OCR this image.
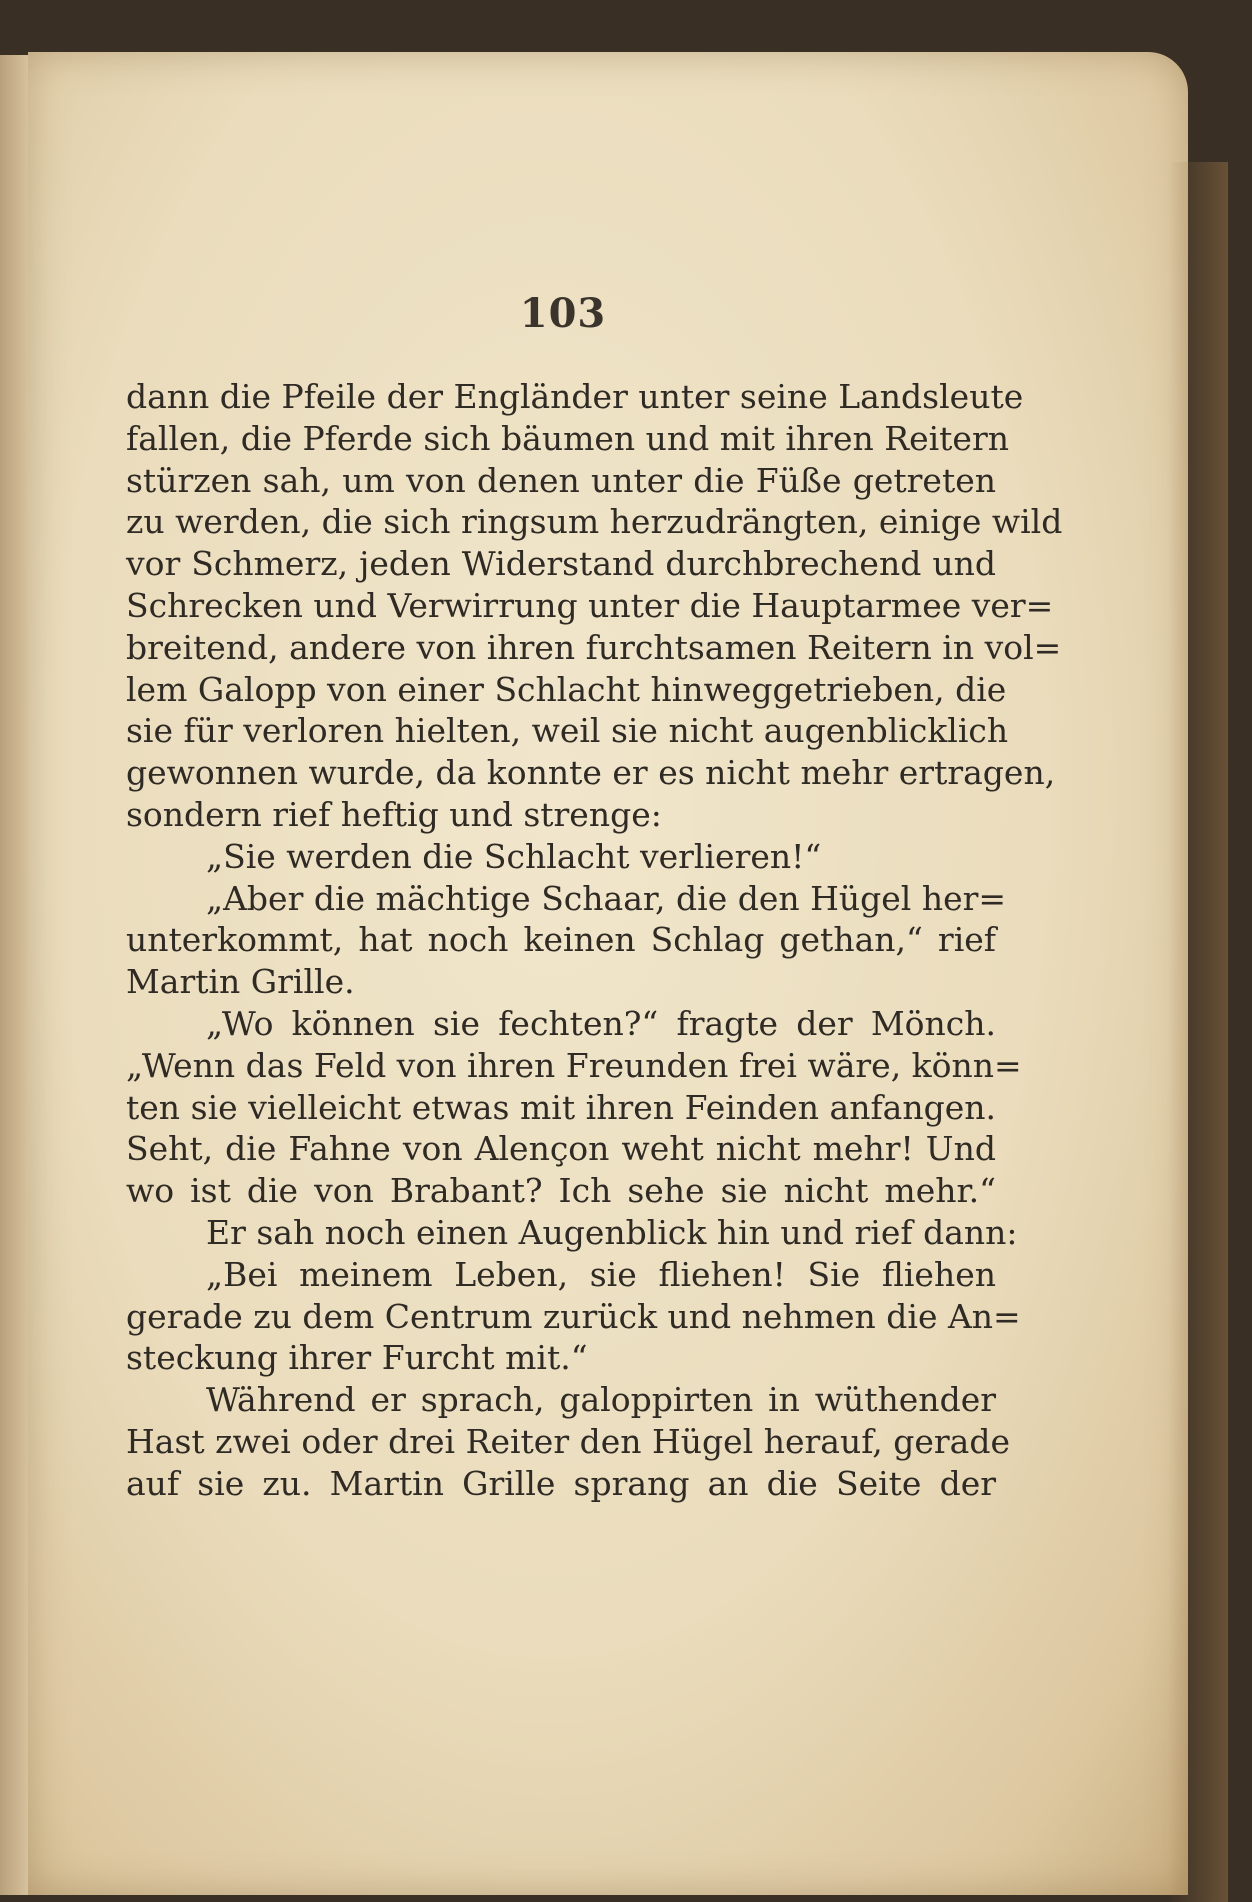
103
dann die Pfeile der Engländer unter seine Landsleute
fallen, die Pferde sich bäumen und mit ihren Reitern
stürzen sah, um von denen unter die Füße getreten
zu werden, die sich ringsum herzudrängten, einige wild
vor Schmerz, jeden Widerstand durchbrechend und
Schrecken und Verwirrung unter die Hauptarmee ver=
breitend, andere von ihren furchtsamen Reitern in vol=
lem Galopp von einer Schlacht hinweggetrieben, die
sie für verloren hielten, weil sie nicht augenblicklich
gewonnen wurde, da konnte er es nicht mehr ertragen,
sondern rief heftig und strenge:
„Sie werden die Schlacht verlieren!“
„Aber die mächtige Schaar, die den Hügel her=
unterkommt, hat noch keinen Schlag gethan,“ rief
Martin Grille.
„Wo können sie fechten?“ fragte der Mönch.
„Wenn das Feld von ihren Freunden frei wäre, könn=
ten sie vielleicht etwas mit ihren Feinden anfangen.
Seht, die Fahne von Alençon weht nicht mehr! Und
wo ist die von Brabant? Ich sehe sie nicht mehr.“
Er sah noch einen Augenblick hin und rief dann:
„Bei meinem Leben, sie fliehen! Sie fliehen
gerade zu dem Centrum zurück und nehmen die An=
steckung ihrer Furcht mit.“
Während er sprach, galoppirten in wüthender
Hast zwei oder drei Reiter den Hügel herauf, gerade
auf sie zu. Martin Grille sprang an die Seite der
